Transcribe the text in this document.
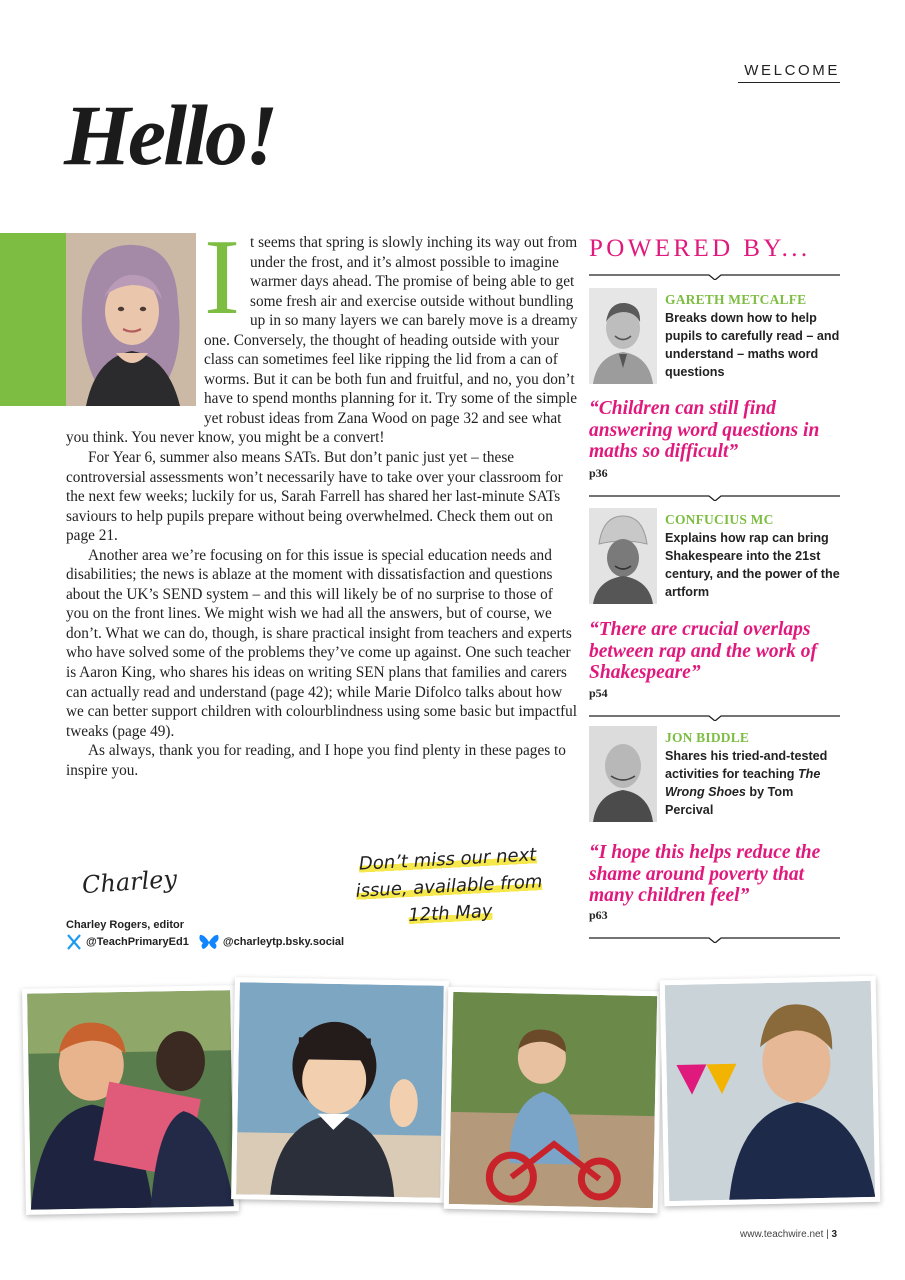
WELCOME
Hello!

It seems that spring is slowly inching its way out from under the frost, and it’s almost possible to imagine warmer days ahead. The promise of being able to get some fresh air and exercise outside without bundling up in so many layers we can barely move is a dreamy one. Conversely, the thought of heading outside with your class can sometimes feel like ripping the lid from a can of worms. But it can be both fun and fruitful, and no, you don’t have to spend months planning for it. Try some of the simple yet robust ideas from Zana Wood on page 32 and see what you think. You never know, you might be a convert!

For Year 6, summer also means SATs. But don’t panic just yet – these controversial assessments won’t necessarily have to take over your classroom for the next few weeks; luckily for us, Sarah Farrell has shared her last-minute SATs saviours to help pupils prepare without being overwhelmed. Check them out on page 21.

Another area we’re focusing on for this issue is special education needs and disabilities; the news is ablaze at the moment with dissatisfaction and questions about the UK’s SEND system – and this will likely be of no surprise to those of you on the front lines. We might wish we had all the answers, but of course, we don’t. What we can do, though, is share practical insight from teachers and experts who have solved some of the problems they’ve come up against. One such teacher is Aaron King, who shares his ideas on writing SEN plans that families and carers can actually read and understand (page 42); while Marie Difolco talks about how we can better support children with colourblindness using some basic but impactful tweaks (page 49).

As always, thank you for reading, and I hope you find plenty in these pages to inspire you.

Charley
Charley Rogers, editor
@TeachPrimaryEd1	@charleytp.bsky.social
Don’t miss our next issue, available from 12th May
POWERED BY...
GARETH METCALFE
Breaks down how to help pupils to carefully read – and understand – maths word questions
“Children can still find answering word questions in maths so difficult”
p36
CONFUCIUS MC
Explains how rap can bring Shakespeare into the 21st century, and the power of the artform
“There are crucial overlaps between rap and the work of Shakespeare”
p54
JON BIDDLE
Shares his tried-and-tested activities for teaching The Wrong Shoes by Tom Percival
“I hope this helps reduce the shame around poverty that many children feel”
p63
www.teachwire.net | 3
